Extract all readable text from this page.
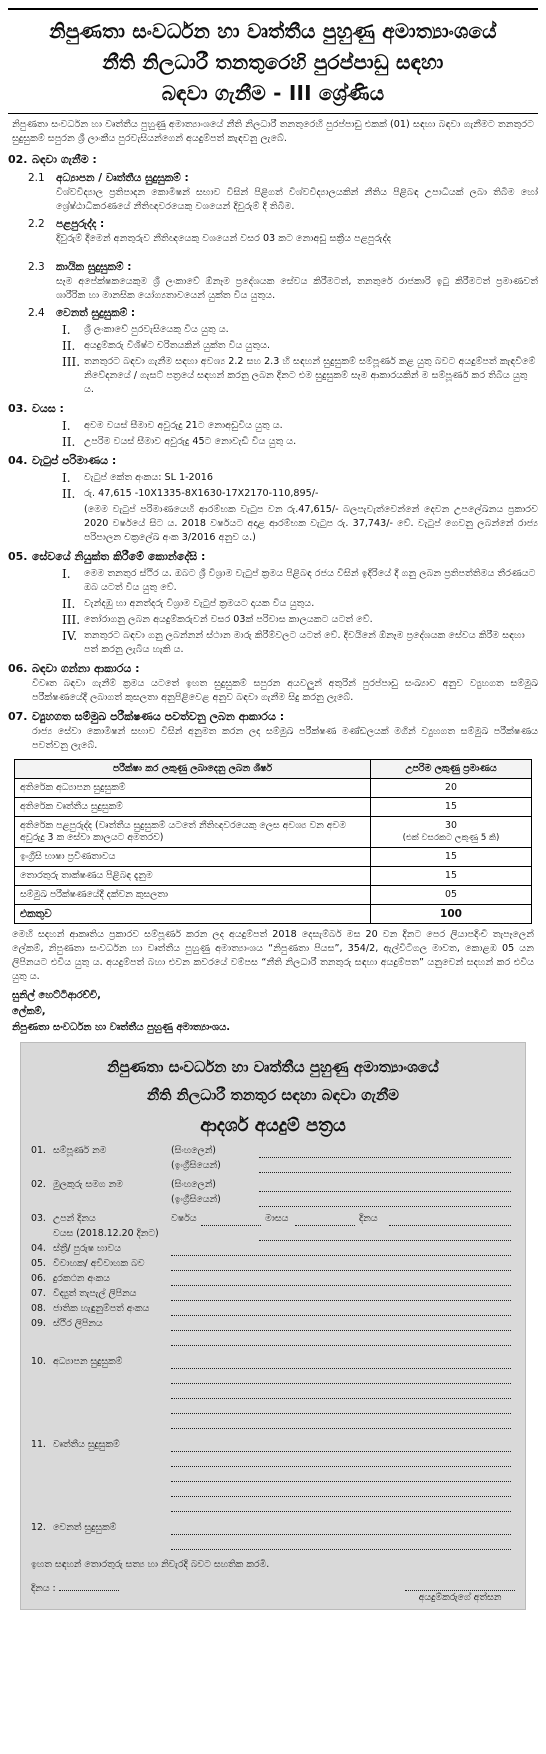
නිපුණතා සංවර්ධන හා වෘත්තීය පුහුණු අමාත්‍යාංශයේ
නීති නිලධාරී තනතුරෙහි පුරප්පාඩු සඳහා
බඳවා ගැනීම - III ශ්‍රේණිය
නිපුණතා සංවර්ධන හා වෘත්තීය පුහුණු අමාත්‍යාංශයේ නීති නිලධාරී තනතුරෙහි පුරප්පාඩු එකක් (01) සඳහා බඳවා ගැනීමට තනතුරට සුදුසුකම් සපුරන ශ්‍රී ලාංකීය පුරවැසියන්ගෙන් අයදුම්පත් කැඳවනු ලැබේ.
02. බඳවා ගැනීම :
2.1	අධ්‍යාපන / වෘත්තීය සුදුසුකම් :
විශ්වවිද්‍යාල ප්‍රතිපාදන කොමිෂන් සභාව විසින් පිළිගත් විශ්වවිද්‍යාලයකින් නීතිය පිළිබඳ උපාධියක් ලබා තිබීම හෝ ශ්‍රේෂ්ඨාධිකරණයේ නීතිඥවරයෙකු වශයෙන් දිවුරුම් දී තිබීම.
2.2	පළපුරුද්ද :
දිවුරුම් දීමෙන් අනතුරුව නීතිඥයෙකු වශයෙන් වසර 03 කට නොඅඩු සක්‍රීය පළපුරුද්ද
2.3	කායික සුදුසුකම් :
සෑම අපේක්ෂකයෙකුම ශ්‍රී ලංකාවේ ඕනෑම ප්‍රදේශයක සේවය කිරීමටත්, තනතුරේ රාජකාරි ඉටු කිරීමටත් ප්‍රමාණවත් ශාරීරික හා මානසික යෝග්‍යතාවයෙන් යුක්ත විය යුතුය.
2.4	වෙනත් සුදුසුකම් :
I.	ශ්‍රී ලංකාවේ පුරවැසියෙකු විය යුතු ය.
II. අයදුම්කරු විශිෂ්ට චරිතයකින් යුක්ත විය යුතුය.
III. තනතුරට බඳවා ගැනීම සඳහා අවශ්‍ය 2.2 සහ 2.3 හි සඳහන් සුදුසුකම් සම්පූර්ණ කළ යුතු බවට අයදුම්පත් කැඳවීමේ නිවේදනයේ / ගැසට් පත්‍රයේ සඳහන් කරනු ලබන දිනට එම සුදුසුකම් සෑම ආකාරයකින් ම සම්පූර්ණ කර තිබිය යුතු ය.
03. වයස :
I.	අවම වයස් සීමාව අවුරුදු 21ට නොඅඩුවිය යුතු ය.
II. උපරිම වයස් සීමාව අවුරුදු 45ට නොවැඩි විය යුතු ය.
04. වැටුප් පරිමාණය :
I.	වැටුප් කේත අංකය: SL 1-2016
II. රු. 47,615 -10X1335-8X1630-17X2170-110,895/-
(මෙම වැටුප් පරිමාණයෙහි ආරම්භක වැටුප වන රු.47,615/- බලපැවැත්වෙන්නේ දෙවන උපලේඛනය ප්‍රකාරව 2020 වර්ෂයේ සිට ය. 2018 වර්ෂයට අදාළ ආරම්භක වැටුප රු. 37,743/- වේ. වැටුප් ගෙවනු ලබන්නේ රාජ්‍ය පරිපාලන චක්‍රලේඛ අංක 3/2016 අනුව ය.)
05. සේවයේ නියුක්ත කිරීමේ කොන්දේසි :
I.	මෙම තනතුර ස්ථිර ය. ඔබට ශ්‍රී විශ්‍රාම වැටුප් ක්‍රමය පිළිබඳ රජය විසින් ඉදිරියේ දී ගනු ලබන ප්‍රතිපත්තිමය තීරණයට ඔබ යටත් විය යුතු වේ.
II. වැන්දඹු හා අනත්දරු විශ්‍රාම වැටුප් ක්‍රමයට දායක විය යුතුය.
III. තෝරාගනු ලබන අයදුම්කරුවන් වසර 03ක් පරිවාස කාලයකට යටත් වේ.
IV. තනතුරට බඳවා ගනු ලබන්නන් ස්ථාන මාරු කිරීම්වලට යටත් වේ. දිවයිනේ ඕනෑම ප්‍රදේශයක සේවය කිරීම සඳහා පත් කරනු ලැබිය හැකි ය.
06. බඳවා ගන්නා ආකාරය :
විවෘත බඳවා ගැනීම් ක්‍රමය යටතේ ඉහත සුදුසුකම් සපුරන අයවලුන් අතුරින් පුරප්පාඩු සංඛ්‍යාව අනුව ව්‍යුහගත සම්මුඛ පරීක්ෂණයේදී ලබාගත් කුසලතා අනුපිළිවෙළ අනුව බඳවා ගැනීම සිදු කරනු ලැබේ.
07. ව්‍යුහගත සම්මුඛ පරීක්ෂණය පවත්වනු ලබන ආකාරය :
රාජ්‍ය සේවා කොමිෂන් සභාව විසින් අනුමත කරන ලද සම්මුඛ පරීක්ෂණ මණ්ඩලයක් මගින් ව්‍යුහගත සම්මුඛ පරීක්ෂණය පවත්වනු ලැබේ.
පරීක්ෂා කර ලකුණු ලබාදෙනු ලබන ශීර්ෂ	උපරිම ලකුණු ප්‍රමාණය
අතිරේක අධ්‍යාපන සුදුසුකම්	20
අතිරේක වෘත්තීය සුදුසුකම්	15
අතිරේක පළපුරුද්ද (වෘත්තීය සුදුසුකම් යටතේ නීතිඥවරයෙකු ලෙස අවශ්‍ය වන අවම අවුරුදු 3 ක සේවා කාලයට අමතරව)	30
(එක් වසරකට ලකුණු 5 කි)

ඉංග්‍රීසි භාෂා ප්‍රවීණතාවය	15
තොරතුරු තාක්ෂණය පිළිබඳ දැනුම	15
සම්මුඛ පරීක්ෂණයේදී දක්වන කුසලතා	05
එකතුව	100
මෙහි සදහන් ආකෘතිය ප්‍රකාරව සම්පූර්ණ කරන ලද අයදුම්පත් 2018 දෙසැම්බර් මස 20 වන දිනට පෙර ලියාපදිංචි තැපෑලෙන් ලේකම්, නිපුණතා සංවර්ධන හා වෘත්තීය පුහුණු අමාත්‍යාංශය “නිපුණතා පියස”, 354/2, ඇල්විටිගල මාවත, කොළඹ 05 යන ලිපිනයට එවිය යුතු ය. අයදුම්පත් බහා එවන කවරයේ වම්පස “නීති නිලධාරී තනතුරු සඳහා අයදුම්පත” යනුවෙන් සදහන් කර එවිය යුතු ය.
සුනිල් හෙට්ටිආරච්චි,
ලේකම්,
නිපුණතා සංවර්ධන හා වෘත්තීය පුහුණු අමාත්‍යාංශය.
නිපුණතා සංවර්ධන හා වෘත්තීය පුහුණු අමාත්‍යාංශයේ
නීති නිලධාරී තනතුර සඳහා බඳවා ගැනීම
ආදර්ශ අයදුම් පත්‍රය
01. සම්පූර්ණ නම	(සිංහලෙන්)
(ඉංග්‍රීසියෙන්)
02. මුලකුරු සමග නම	(සිංහලෙන්)
(ඉංග්‍රීසියෙන්)
03. උපන් දිනය	වර්ෂය	මාසය	දිනය
වයස (2018.12.20 දිනට)
04. ස්ත්‍රී/ පුරුෂ භාවය
05. විවාහක/ අවිවාහක බව
06. දුරකථන අංකය
07. විද්‍යුත් තැපැල් ලිපිනය
08. ජාතික හැඳුනුම්පත් අංකය
09. ස්ථිර ලිපිනය
10. අධ්‍යාපන සුදුසුකම්
11. වෘත්තීය සුදුසුකම්
12. වෙනත් සුදුසුකම්
ඉහත සඳහන් තොරතුරු සත්‍ය හා නිවැරදි බවට සහතික කරමි.
දිනය :
අයදුම්කරුගේ අත්සන
